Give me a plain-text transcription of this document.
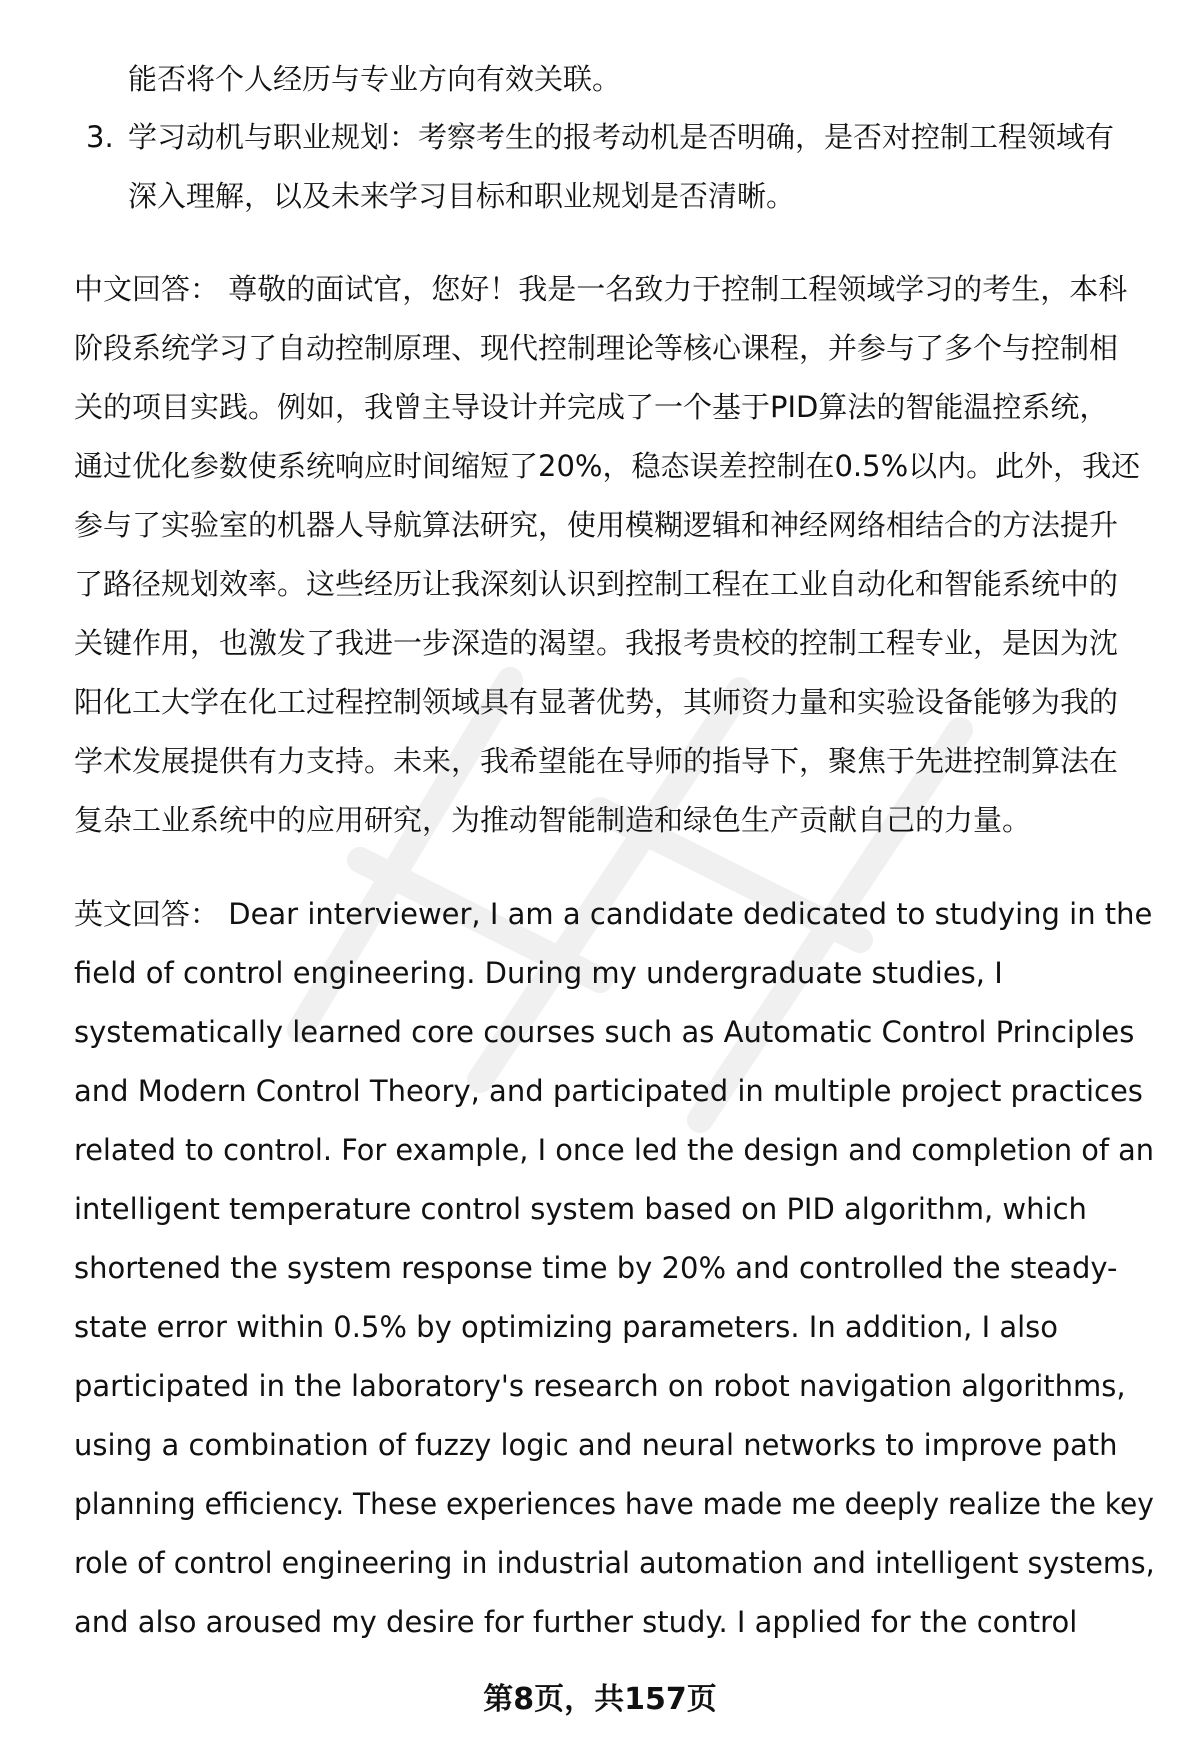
能否将个人经历与专业方向有效关联。
3. 学习动机与职业规划：考察考生的报考动机是否明确，是否对控制工程领域有
深入理解，以及未来学习目标和职业规划是否清晰。
中文回答： 尊敬的面试官，您好！我是一名致力于控制工程领域学习的考生，本科
阶段系统学习了自动控制原理、现代控制理论等核心课程，并参与了多个与控制相
关的项目实践。例如，我曾主导设计并完成了一个基于PID算法的智能温控系统，
通过优化参数使系统响应时间缩短了20%，稳态误差控制在0.5%以内。此外，我还
参与了实验室的机器人导航算法研究，使用模糊逻辑和神经网络相结合的方法提升
了路径规划效率。这些经历让我深刻认识到控制工程在工业自动化和智能系统中的
关键作用，也激发了我进一步深造的渴望。我报考贵校的控制工程专业，是因为沈
阳化工大学在化工过程控制领域具有显著优势，其师资力量和实验设备能够为我的
学术发展提供有力支持。未来，我希望能在导师的指导下，聚焦于先进控制算法在
复杂工业系统中的应用研究，为推动智能制造和绿色生产贡献自己的力量。
英文回答： Dear interviewer, I am a candidate dedicated to studying in the
field of control engineering. During my undergraduate studies, I
systematically learned core courses such as Automatic Control Principles
and Modern Control Theory, and participated in multiple project practices
related to control. For example, I once led the design and completion of an
intelligent temperature control system based on PID algorithm, which
shortened the system response time by 20% and controlled the steady-
state error within 0.5% by optimizing parameters. In addition, I also
participated in the laboratory's research on robot navigation algorithms,
using a combination of fuzzy logic and neural networks to improve path
planning efficiency. These experiences have made me deeply realize the key
role of control engineering in industrial automation and intelligent systems,
and also aroused my desire for further study. I applied for the control
第8页，共157页
